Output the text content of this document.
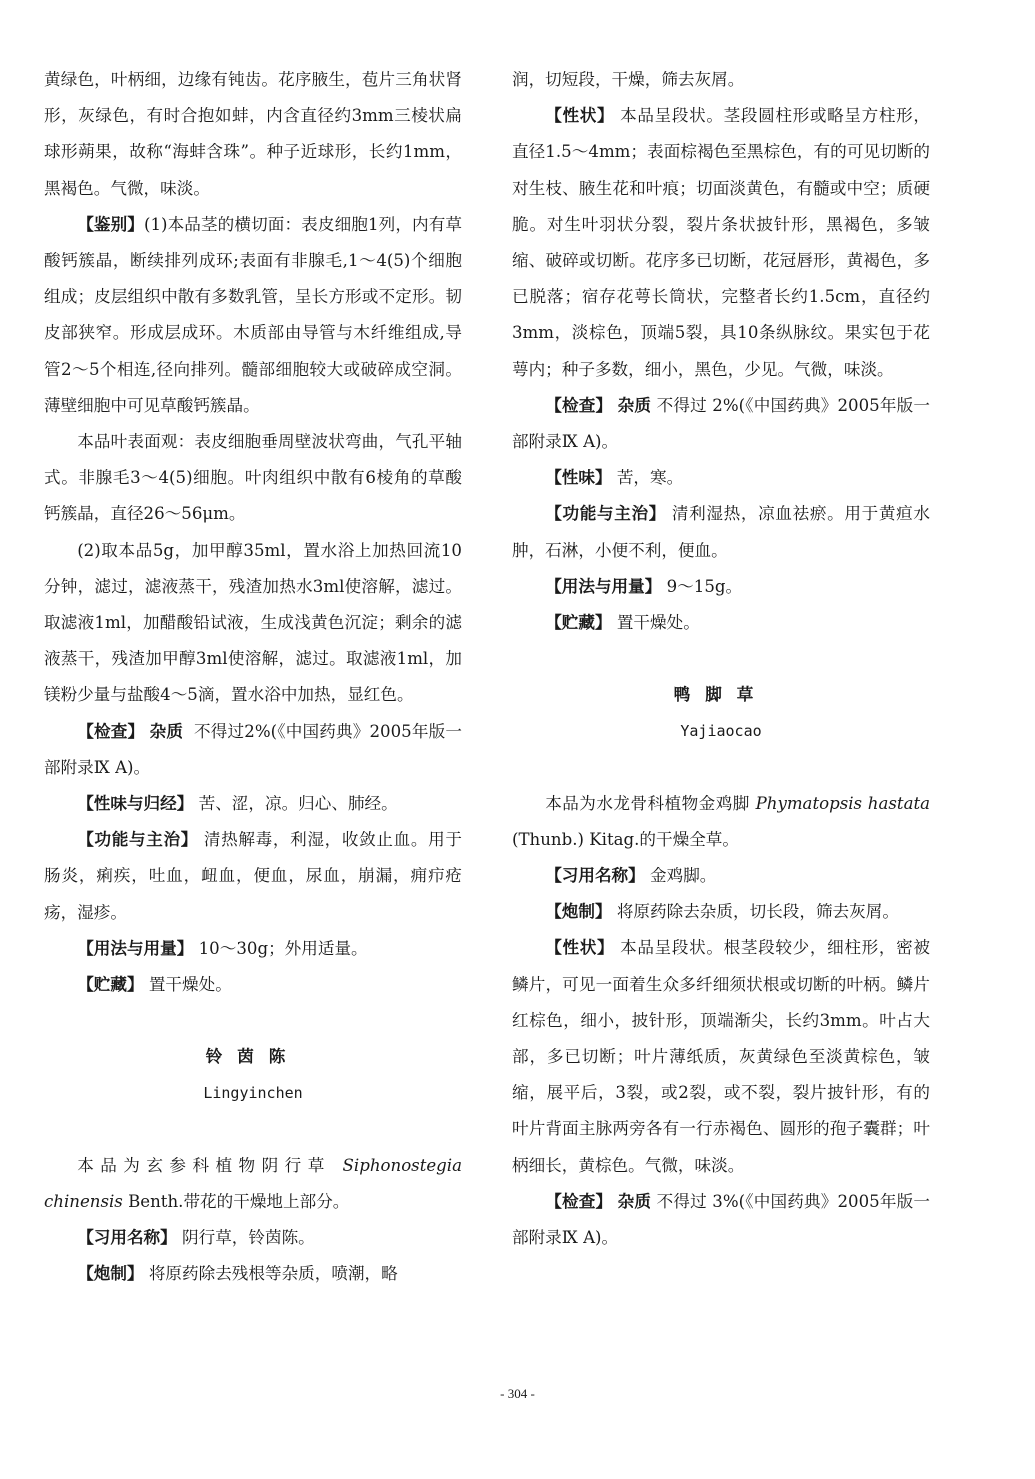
黄绿色，叶柄细，边缘有钝齿。花序腋生，苞片三角状肾形，灰绿色，有时合抱如蚌，内含直径约3mm三棱状扁球形蒴果，故称“海蚌含珠”。种子近球形，长约1mm，黑褐色。气微，味淡。

【鉴别】(1)本品茎的横切面：表皮细胞1列，内有草酸钙簇晶，断续排列成环;表面有非腺毛,1～4(5)个细胞组成；皮层组织中散有多数乳管，呈长方形或不定形。韧皮部狭窄。形成层成环。木质部由导管与木纤维组成,导管2～5个相连,径向排列。髓部细胞较大或破碎成空洞。薄壁细胞中可见草酸钙簇晶。

本品叶表面观：表皮细胞垂周壁波状弯曲，气孔平轴式。非腺毛3～4(5)细胞。叶肉组织中散有6棱角的草酸钙簇晶，直径26～56μm。

(2)取本品5g，加甲醇35ml，置水浴上加热回流10分钟，滤过，滤液蒸干，残渣加热水3ml使溶解，滤过。取滤液1ml，加醋酸铅试液，生成浅黄色沉淀；剩余的滤液蒸干，残渣加甲醇3ml使溶解，滤过。取滤液1ml，加镁粉少量与盐酸4～5滴，置水浴中加热，显红色。

【检查】 杂质 不得过2%(《中国药典》2005年版一部附录Ⅸ A)。

【性味与归经】 苦、涩，凉。归心、肺经。

【功能与主治】 清热解毒，利湿，收敛止血。用于肠炎，痢疾，吐血，衄血，便血，尿血，崩漏，痈疖疮疡，湿疹。

【用法与用量】 10～30g；外用适量。

【贮藏】 置干燥处。

铃茵陈

Lingyinchen

本品为玄参科植物阴行草 Siphonostegia chinensis Benth.带花的干燥地上部分。

【习用名称】 阴行草，铃茵陈。

【炮制】 将原药除去残根等杂质，喷潮，略

润，切短段，干燥，筛去灰屑。

【性状】 本品呈段状。茎段圆柱形或略呈方柱形，直径1.5～4mm；表面棕褐色至黑棕色，有的可见切断的对生枝、腋生花和叶痕；切面淡黄色，有髓或中空；质硬脆。对生叶羽状分裂，裂片条状披针形，黑褐色，多皱缩、破碎或切断。花序多已切断，花冠唇形，黄褐色，多已脱落；宿存花萼长筒状，完整者长约1.5cm，直径约3mm，淡棕色，顶端5裂，具10条纵脉纹。果实包于花萼内；种子多数，细小，黑色，少见。气微，味淡。

【检查】 杂质 不得过 2%(《中国药典》2005年版一部附录Ⅸ A)。

【性味】 苦，寒。

【功能与主治】 清利湿热，凉血祛瘀。用于黄疸水肿，石淋，小便不利，便血。

【用法与用量】 9～15g。

【贮藏】 置干燥处。

鸭脚草

Yajiaocao

本品为水龙骨科植物金鸡脚 Phymatopsis hastata (Thunb.) Kitag.的干燥全草。

【习用名称】 金鸡脚。

【炮制】 将原药除去杂质，切长段，筛去灰屑。

【性状】 本品呈段状。根茎段较少，细柱形，密被鳞片，可见一面着生众多纤细须状根或切断的叶柄。鳞片红棕色，细小，披针形，顶端渐尖，长约3mm。叶占大部，多已切断；叶片薄纸质，灰黄绿色至淡黄棕色，皱缩，展平后，3裂，或2裂，或不裂，裂片披针形，有的叶片背面主脉两旁各有一行赤褐色、圆形的孢子囊群；叶柄细长，黄棕色。气微，味淡。

【检查】 杂质 不得过 3%(《中国药典》2005年版一部附录Ⅸ A)。

- 304 -
